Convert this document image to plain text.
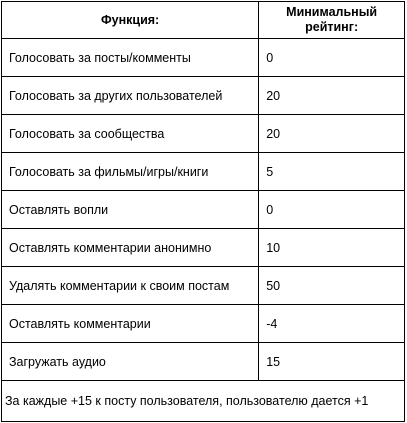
Функция:	Минимальный рейтинг:
Голосовать за посты/комменты	0
Голосовать за других пользователей	20
Голосовать за сообщества	20
Голосовать за фильмы/игры/книги	5
Оставлять вопли	0
Оставлять комментарии анонимно	10
Удалять комментарии к своим постам	50
Оставлять комментарии	-4
Загружать аудио	15
За каждые +15 к посту пользователя, пользователю дается +1	
